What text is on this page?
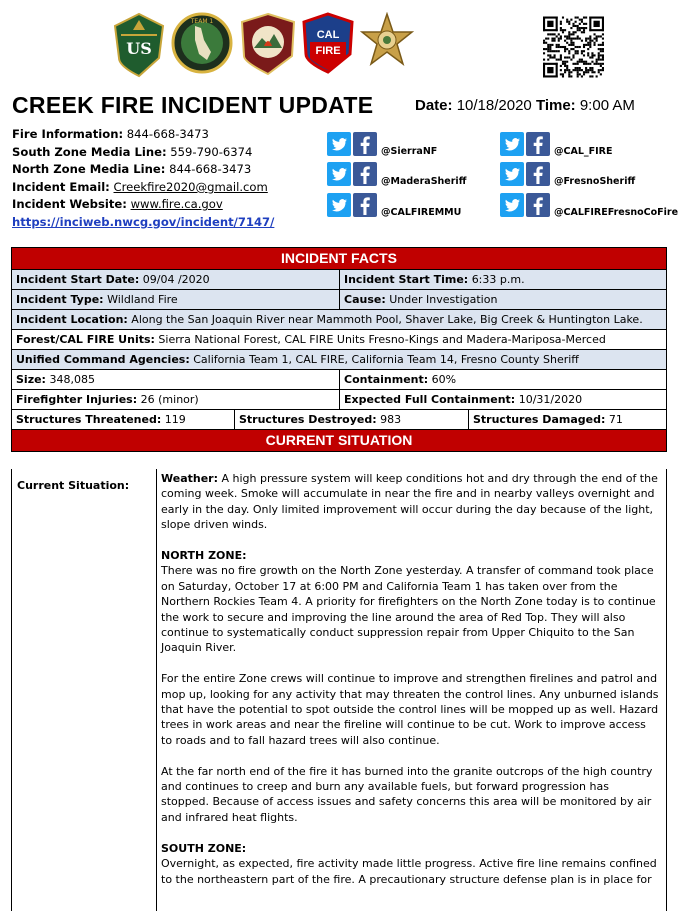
US
TEAM 1
CAL
FIRE
CREEK FIRE INCIDENT UPDATE	Date: 10/18/2020 Time: 9:00 AM
Fire Information: 844-668-3473
South Zone Media Line: 559-790-6374
North Zone Media Line: 844-668-3473
Incident Email: Creekfire2020@gmail.com
Incident Website: www.fire.ca.gov
https://inciweb.nwcg.gov/incident/7147/
@SierraNF
@MaderaSheriff
@CALFIREMMU
@CAL_FIRE
@FresnoSheriff
@CALFIREFresnoCoFire
INCIDENT FACTS
Incident Start Date: 09/04 /2020	Incident Start Time: 6:33 p.m.
Incident Type: Wildland Fire	Cause: Under Investigation
Incident Location: Along the San Joaquin River near Mammoth Pool, Shaver Lake, Big Creek & Huntington Lake.
Forest/CAL FIRE Units: Sierra National Forest, CAL FIRE Units Fresno-Kings and Madera-Mariposa-Merced
Unified Command Agencies: California Team 1, CAL FIRE, California Team 14, Fresno County Sheriff
Size: 348,085	Containment: 60%
Firefighter Injuries: 26 (minor)	Expected Full Containment: 10/31/2020
Structures Threatened: 119	Structures Destroyed: 983	Structures Damaged: 71
CURRENT SITUATION
Current Situation:

Weather: A high pressure system will keep conditions hot and dry through the end of the coming week. Smoke will accumulate in near the fire and in nearby valleys overnight and early in the day. Only limited improvement will occur during the day because of the light, slope driven winds.

NORTH ZONE:

There was no fire growth on the North Zone yesterday. A transfer of command took place on Saturday, October 17 at 6:00 PM and California Team 1 has taken over from the Northern Rockies Team 4. A priority for firefighters on the North Zone today is to continue the work to secure and improving the line around the area of Red Top. They will also continue to systematically conduct suppression repair from Upper Chiquito to the San Joaquin River.

For the entire Zone crews will continue to improve and strengthen firelines and patrol and mop up, looking for any activity that may threaten the control lines. Any unburned islands that have the potential to spot outside the control lines will be mopped up as well. Hazard trees in work areas and near the fireline will continue to be cut. Work to improve access to roads and to fall hazard trees will also continue.

At the far north end of the fire it has burned into the granite outcrops of the high country and continues to creep and burn any available fuels, but forward progression has stopped. Because of access issues and safety concerns this area will be monitored by air and infrared heat flights.

SOUTH ZONE:

Overnight, as expected, fire activity made little progress. Active fire line remains confined to the northeastern part of the fire. A precautionary structure defense plan is in place for
